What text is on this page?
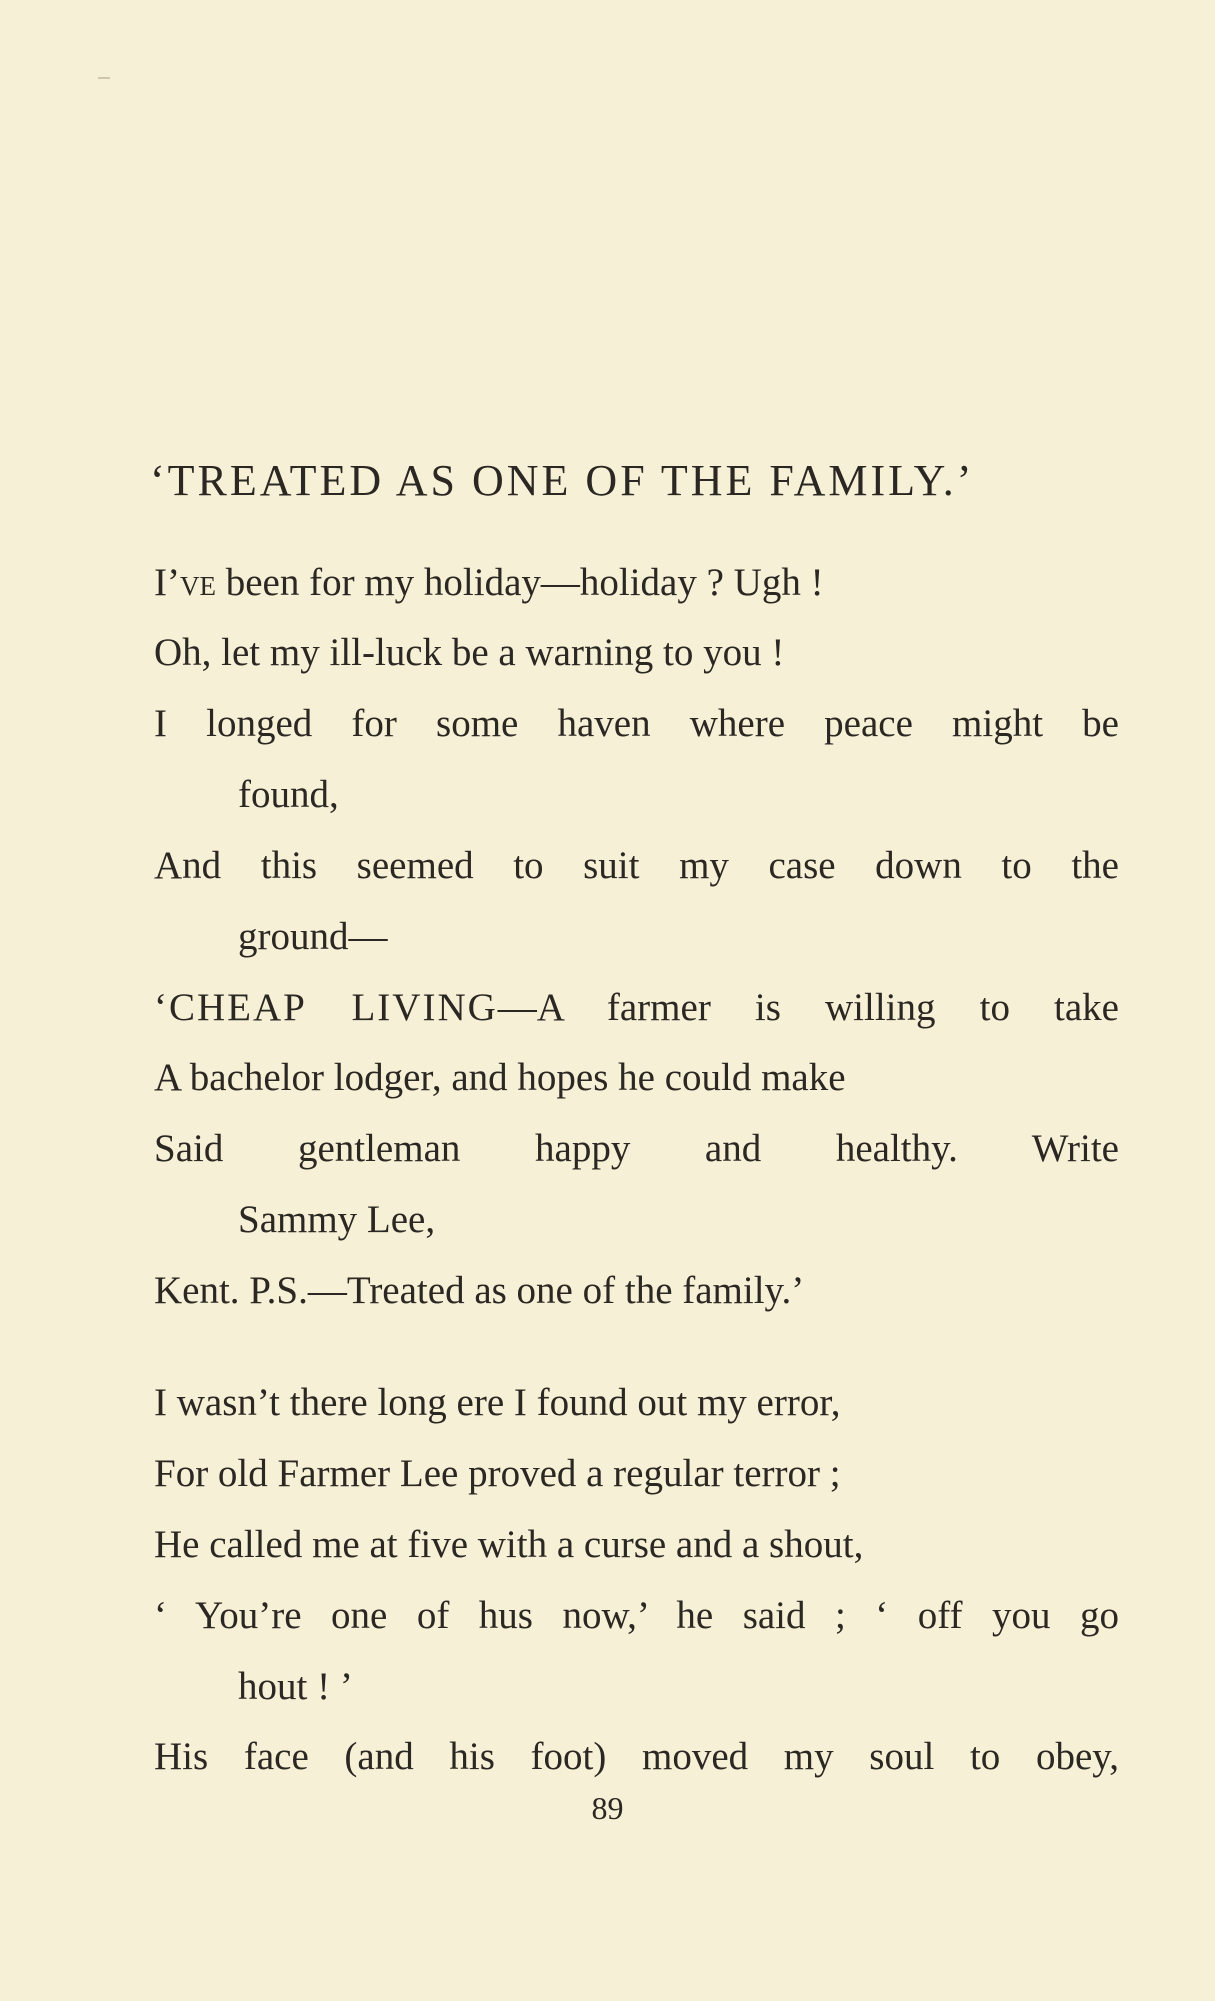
‘TREATED AS ONE OF THE FAMILY.’
I’ve been for my holiday—holiday ? Ugh !
Oh, let my ill-luck be a warning to you !
I longed for some haven where peace might be
found,
And this seemed to suit my case down to the
ground—
‘CHEAP LIVING—A farmer is willing to take
A bachelor lodger, and hopes he could make
Said gentleman happy and healthy. Write
Sammy Lee,
Kent. P.S.—Treated as one of the family.’
I wasn’t there long ere I found out my error,
For old Farmer Lee proved a regular terror ;
He called me at five with a curse and a shout,
‘ You’re one of hus now,’ he said ; ‘ off you go
hout ! ’
His face (and his foot) moved my soul to obey,
89
